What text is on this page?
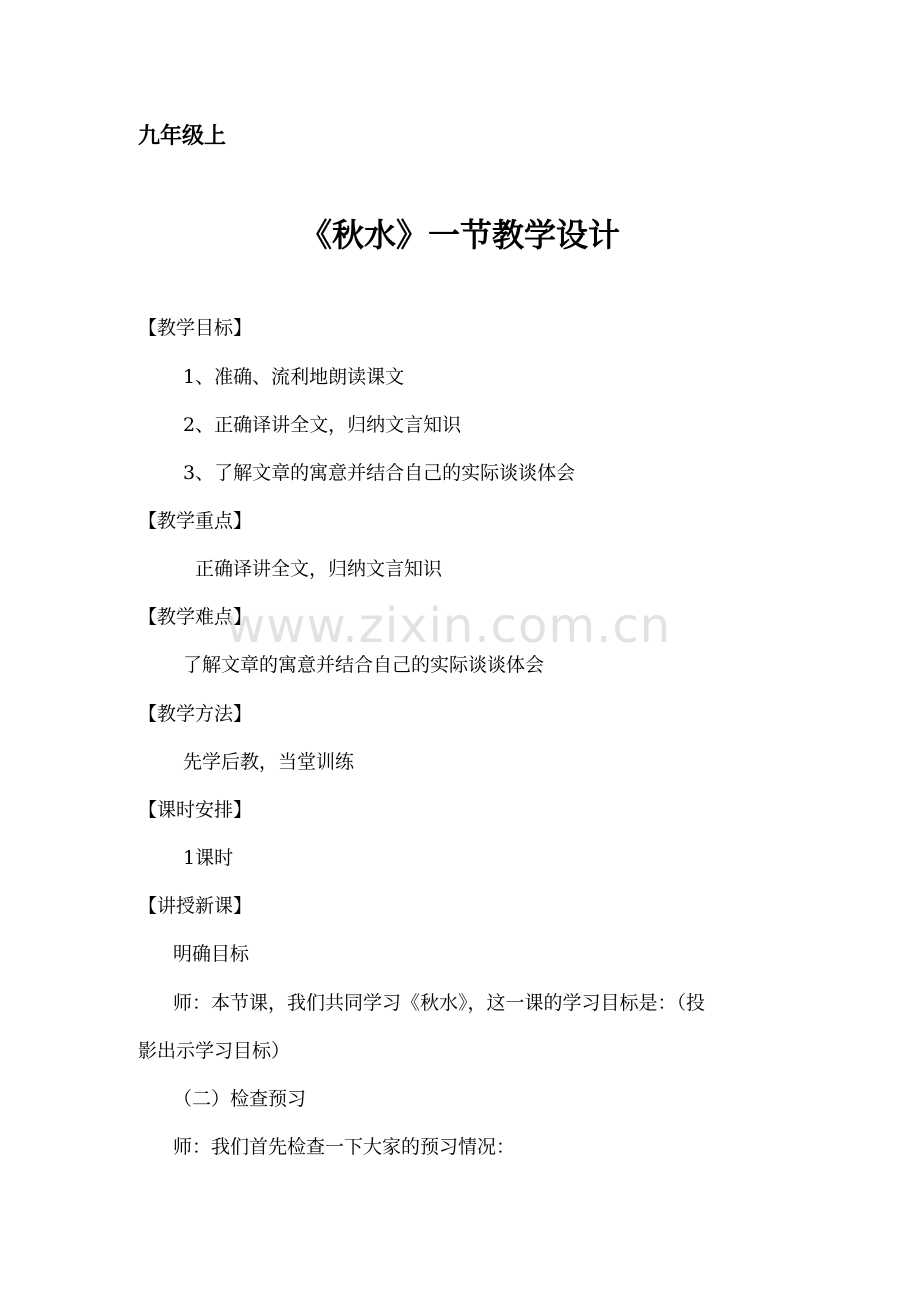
九年级上
《秋水》一节教学设计
【教学目标】
1、准确、流利地朗读课文
2、正确译讲全文，归纳文言知识
3、了解文章的寓意并结合自己的实际谈谈体会
【教学重点】
正确译讲全文，归纳文言知识
【教学难点】
了解文章的寓意并结合自己的实际谈谈体会
【教学方法】
先学后教，当堂训练
【课时安排】
1课时
【讲授新课】
明确目标
师：本节课，我们共同学习《秋水》，这一课的学习目标是：（投
影出示学习目标）
（二）检查预习
师：我们首先检查一下大家的预习情况：
www.zixin.com.cn
